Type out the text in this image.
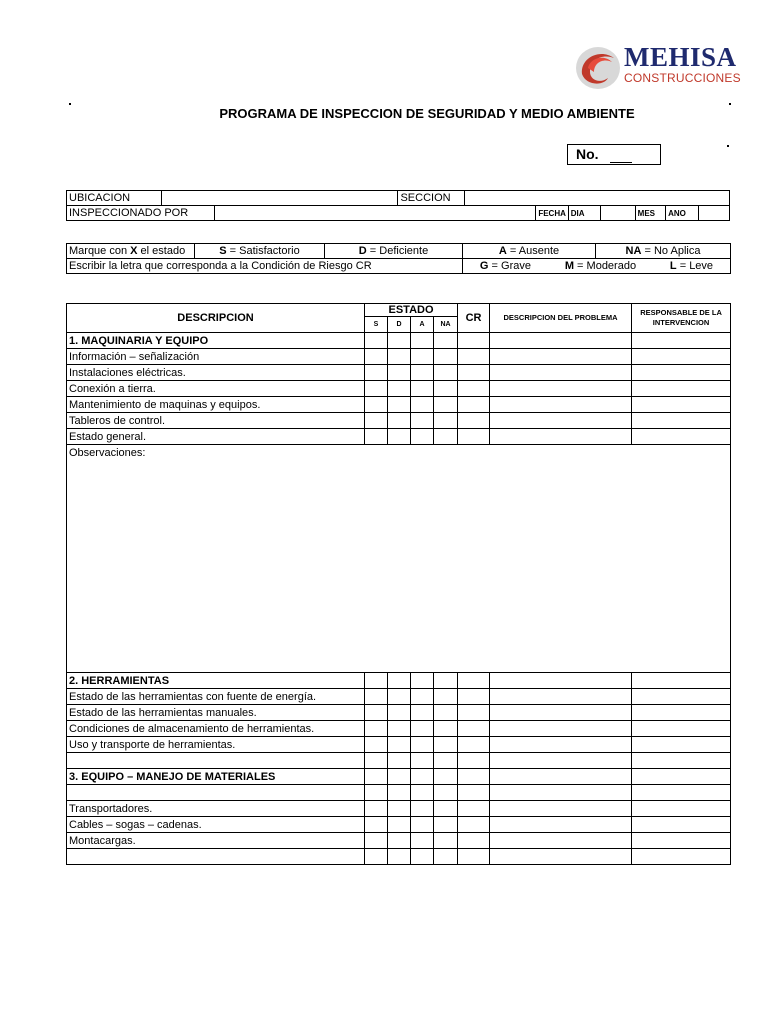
MEHISA
CONSTRUCCIONES
PROGRAMA DE INSPECCION DE SEGURIDAD Y MEDIO AMBIENTE
No.
UBICACION			SECCION							
INSPECCIONADO POR					FECHA	DIA		MES	ANO	
Marque con X el estado	S = Satisfactorio	D = Deficiente	A = Ausente	NA = No Aplica
Escribir la letra que corresponda a la Condición de Riesgo CR			G = Grave M = Moderado L = Leve	
DESCRIPCION	ESTADO				CR	DESCRIPCION DEL PROBLEMA	RESPONSABLE DE LA INTERVENCION
	S	D	A	NA			
1. MAQUINARIA Y EQUIPO							
Información – señalización							
Instalaciones eléctricas.							
Conexión a tierra.							
Mantenimiento de maquinas y equipos.							
Tableros de control.							
Estado general.							
Observaciones:							
2. HERRAMIENTAS							
Estado de las herramientas con fuente de energía.							
Estado de las herramientas manuales.							
Condiciones de almacenamiento de herramientas.							
Uso y transporte de herramientas.							

3. EQUIPO – MANEJO DE MATERIALES							

Transportadores.							
Cables – sogas – cadenas.							
Montacargas.							
